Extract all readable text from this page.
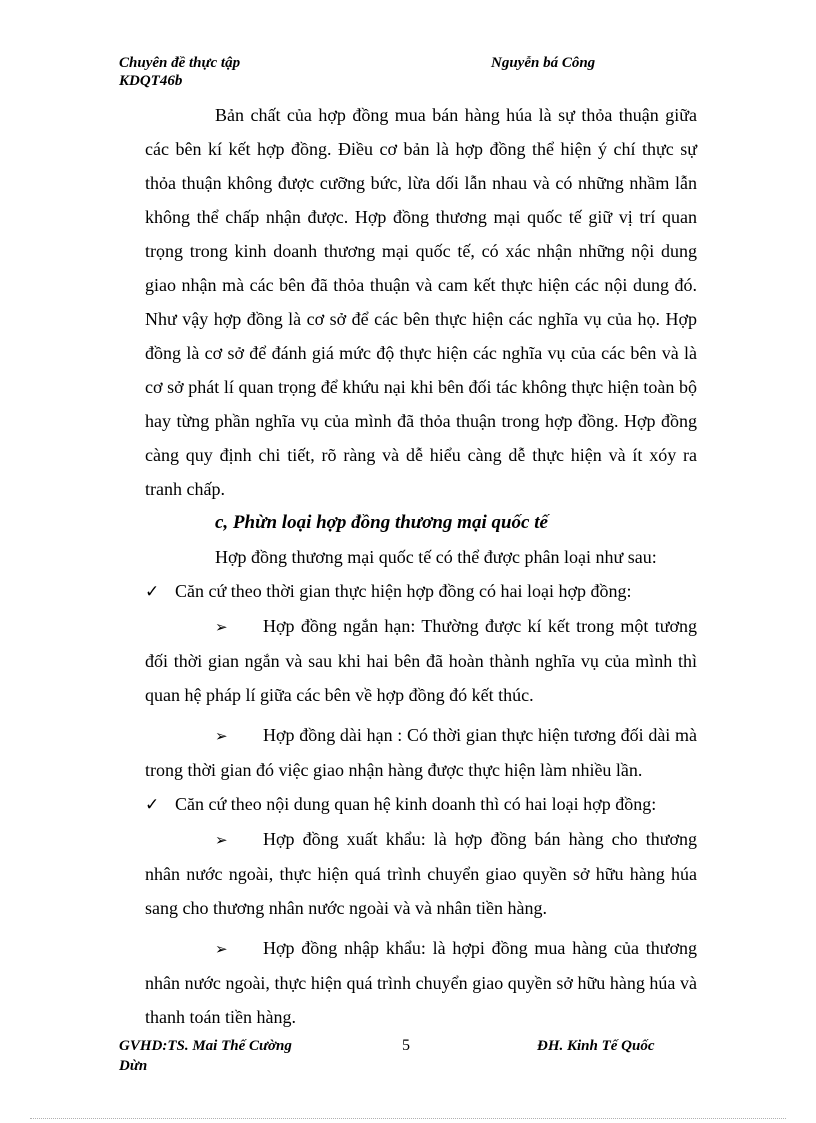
Chuyên đề thực tập
KDQT46b
Nguyễn bá Công

Bản chất của hợp đồng mua bán hàng húa là sự thỏa thuận giữa các bên kí kết hợp đồng. Điều cơ bản là hợp đồng thể hiện ý chí thực sự thỏa thuận không được cưỡng bức, lừa dối lẫn nhau và có những nhầm lẫn không thể chấp nhận được. Hợp đồng thương mại quốc tế giữ vị trí quan trọng trong kinh doanh thương mại quốc tế, có xác nhận những nội dung giao nhận mà các bên đã thỏa thuận và cam kết thực hiện các nội dung đó. Như vậy hợp đồng là cơ sở để các bên thực hiện các nghĩa vụ của họ. Hợp đồng là cơ sở để đánh giá mức độ thực hiện các nghĩa vụ của các bên và là cơ sở phát lí quan trọng để khứu nại khi bên đối tác không thực hiện toàn bộ hay từng phần nghĩa vụ của mình đã thỏa thuận trong hợp đồng. Hợp đồng càng quy định chi tiết, rõ ràng và dễ hiểu càng dễ thực hiện và ít xóy ra tranh chấp.

c, Phừn loại hợp đồng thương mại quốc tế

Hợp đồng thương mại quốc tế có thể được phân loại như sau:

✓ Căn cứ theo thời gian thực hiện hợp đồng có hai loại hợp đồng:

➢ Hợp đồng ngắn hạn: Thường được kí kết trong một tương đối thời gian ngắn và sau khi hai bên đã hoàn thành nghĩa vụ của mình thì quan hệ pháp lí giữa các bên về hợp đồng đó kết thúc.

➢ Hợp đồng dài hạn : Có thời gian thực hiện tương đối dài mà trong thời gian đó việc giao nhận hàng được thực hiện làm nhiều lần.

✓ Căn cứ theo nội dung quan hệ kinh doanh thì có hai loại hợp đồng:

➢ Hợp đồng xuất khẩu: là hợp đồng bán hàng cho thương nhân nước ngoài, thực hiện quá trình chuyển giao quyền sở hữu hàng húa sang cho thương nhân nước ngoài và và nhân tiền hàng.

➢ Hợp đồng nhập khẩu: là hợpi đồng mua hàng của thương nhân nước ngoài, thực hiện quá trình chuyển giao quyền sở hữu hàng húa và thanh toán tiền hàng.

GVHD:TS. Mai Thế Cường
Dừn
5	ĐH. Kinh Tế Quốc
